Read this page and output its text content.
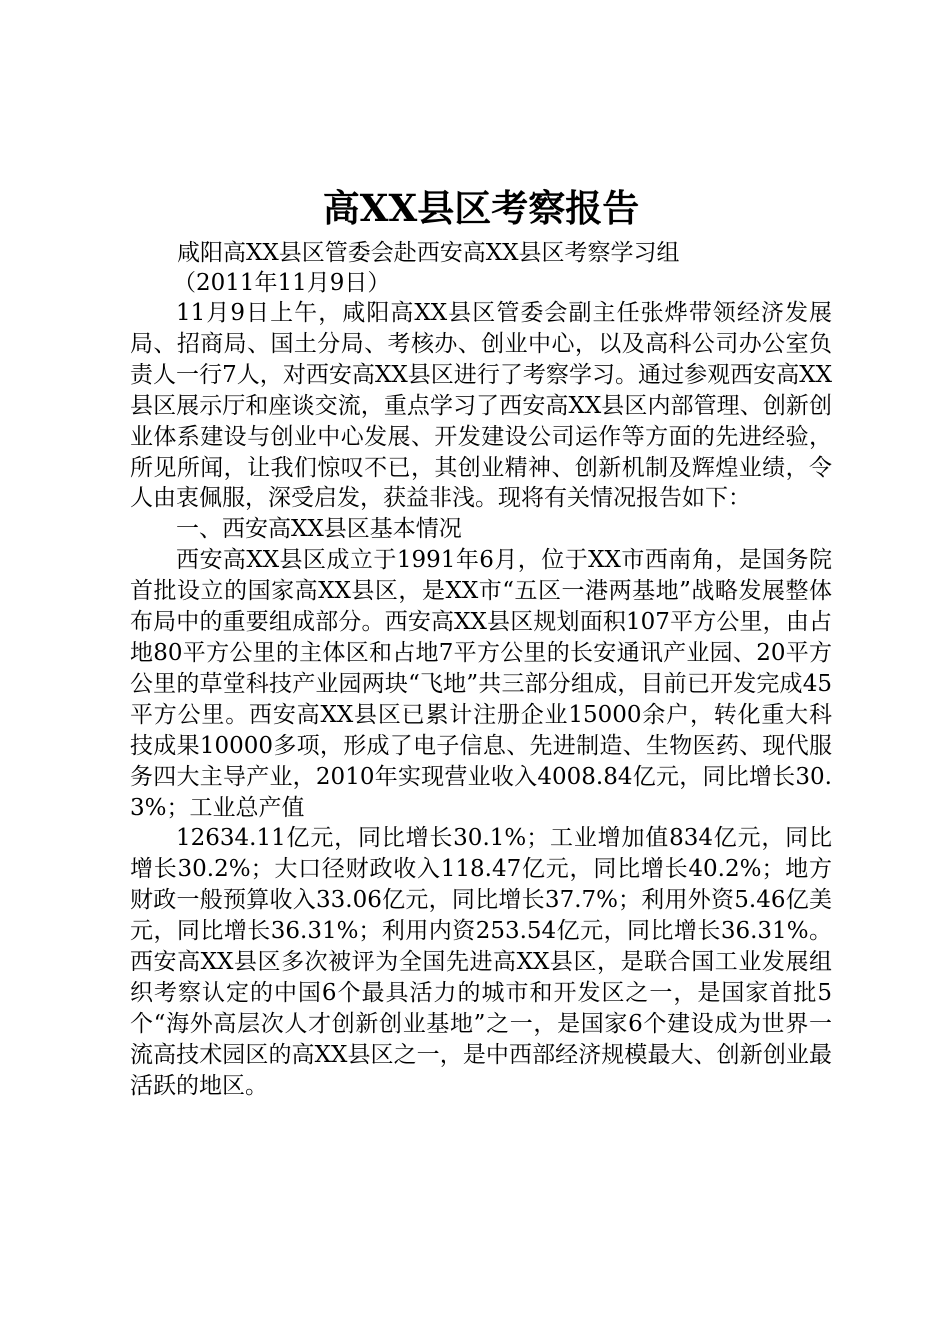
高XX县区考察报告

咸阳高XX县区管委会赴西安高XX县区考察学习组

（2011年11月9日）

11月9日上午，咸阳高XX县区管委会副主任张烨带领经济发展局、招商局、国土分局、考核办、创业中心，以及高科公司办公室负责人一行7人，对西安高XX县区进行了考察学习。通过参观西安高XX县区展示厅和座谈交流，重点学习了西安高XX县区内部管理、创新创业体系建设与创业中心发展、开发建设公司运作等方面的先进经验，所见所闻，让我们惊叹不已，其创业精神、创新机制及辉煌业绩，令人由衷佩服，深受启发，获益非浅。现将有关情况报告如下：

一、西安高XX县区基本情况

西安高XX县区成立于1991年6月，位于XX市西南角，是国务院首批设立的国家高XX县区，是XX市“五区一港两基地”战略发展整体布局中的重要组成部分。西安高XX县区规划面积107平方公里，由占地80平方公里的主体区和占地7平方公里的长安通讯产业园、20平方公里的草堂科技产业园两块“飞地”共三部分组成，目前已开发完成45平方公里。西安高XX县区已累计注册企业15000余户，转化重大科技成果10000多项，形成了电子信息、先进制造、生物医药、现代服务四大主导产业，2010年实现营业收入4008.84亿元，同比增长30.3%；工业总产值

12634.11亿元，同比增长30.1%；工业增加值834亿元，同比增长30.2%；大口径财政收入118.47亿元，同比增长40.2%；地方财政一般预算收入33.06亿元，同比增长37.7%；利用外资5.46亿美元，同比增长36.31%；利用内资253.54亿元，同比增长36.31%。西安高XX县区多次被评为全国先进高XX县区，是联合国工业发展组织考察认定的中国6个最具活力的城市和开发区之一，是国家首批5个“海外高层次人才创新创业基地”之一，是国家6个建设成为世界一流高技术园区的高XX县区之一，是中西部经济规模最大、创新创业最活跃的地区。
